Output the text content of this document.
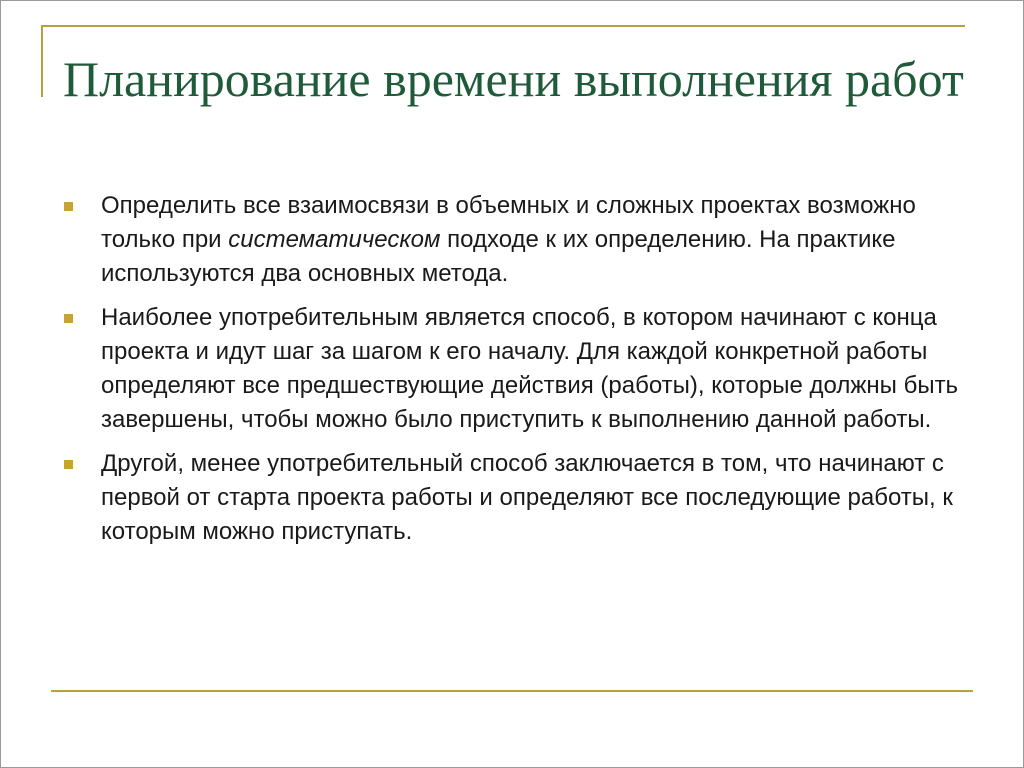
Планирование времени выполнения работ
Определить все взаимосвязи в объемных и сложных проектах возможно только при систематическом подходе к их определению. На практике используются два основных метода.
Наиболее употребительным является способ, в котором начинают с конца проекта и идут шаг за шагом к его началу. Для каждой конкретной работы определяют все предшествующие действия (работы), которые должны быть завершены, чтобы можно было приступить к выполнению данной работы.
Другой, менее употребительный способ заключается в том, что начинают с первой от старта проекта работы и определяют все последующие работы, к которым можно приступать.
